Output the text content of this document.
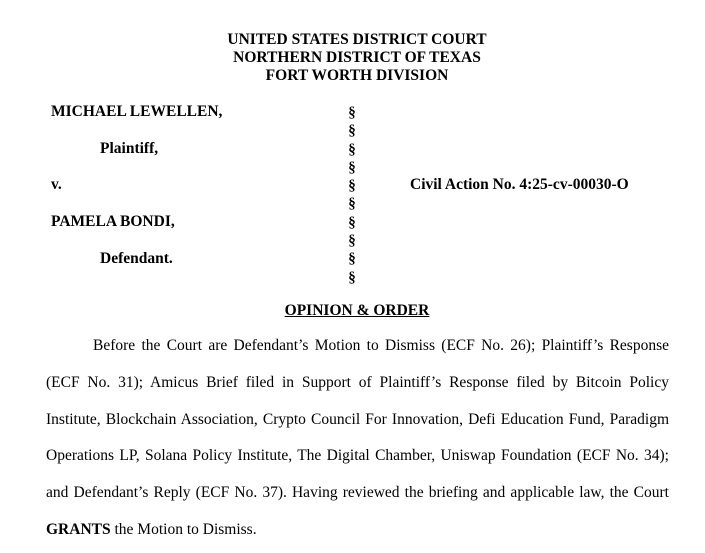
UNITED STATES DISTRICT COURT
NORTHERN DISTRICT OF TEXAS
FORT WORTH DIVISION
MICHAEL LEWELLEN,
Plaintiff,
v.
PAMELA BONDI,
Defendant.
§
§
§
§
§
§
§
§
§
§
Civil Action No. 4:25-cv-00030-O
OPINION & ORDER
Before the Court are Defendant’s Motion to Dismiss (ECF No. 26); Plaintiff’s Response
(ECF No. 31); Amicus Brief filed in Support of Plaintiff’s Response filed by Bitcoin Policy
Institute, Blockchain Association, Crypto Council For Innovation, Defi Education Fund, Paradigm
Operations LP, Solana Policy Institute, The Digital Chamber, Uniswap Foundation (ECF No. 34);
and Defendant’s Reply (ECF No. 37). Having reviewed the briefing and applicable law, the Court
GRANTS the Motion to Dismiss.
